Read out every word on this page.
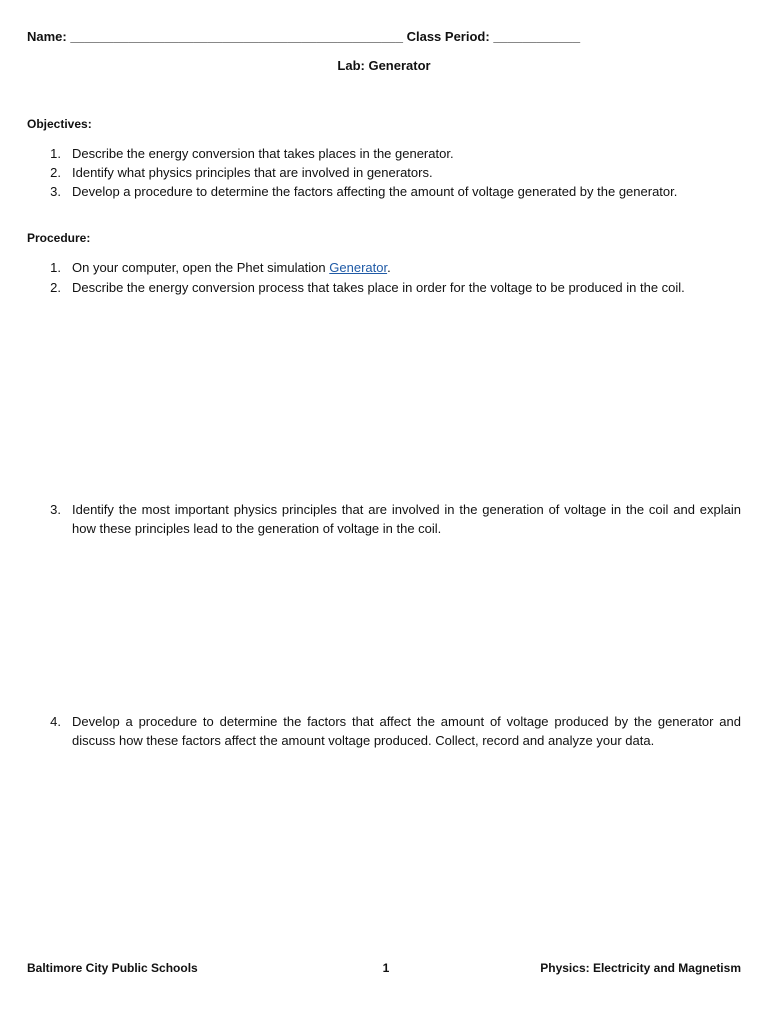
Name: ______________________________________________ Class Period: ____________
Lab: Generator
Objectives:
1. Describe the energy conversion that takes places in the generator.
2. Identify what physics principles that are involved in generators.
3. Develop a procedure to determine the factors affecting the amount of voltage generated by the generator.
Procedure:
1. On your computer, open the Phet simulation Generator.
2. Describe the energy conversion process that takes place in order for the voltage to be produced in the coil.
3. Identify the most important physics principles that are involved in the generation of voltage in the coil and explain how these principles lead to the generation of voltage in the coil.
4. Develop a procedure to determine the factors that affect the amount of voltage produced by the generator and discuss how these factors affect the amount voltage produced. Collect, record and analyze your data.
Baltimore City Public Schools	1	Physics: Electricity and Magnetism
